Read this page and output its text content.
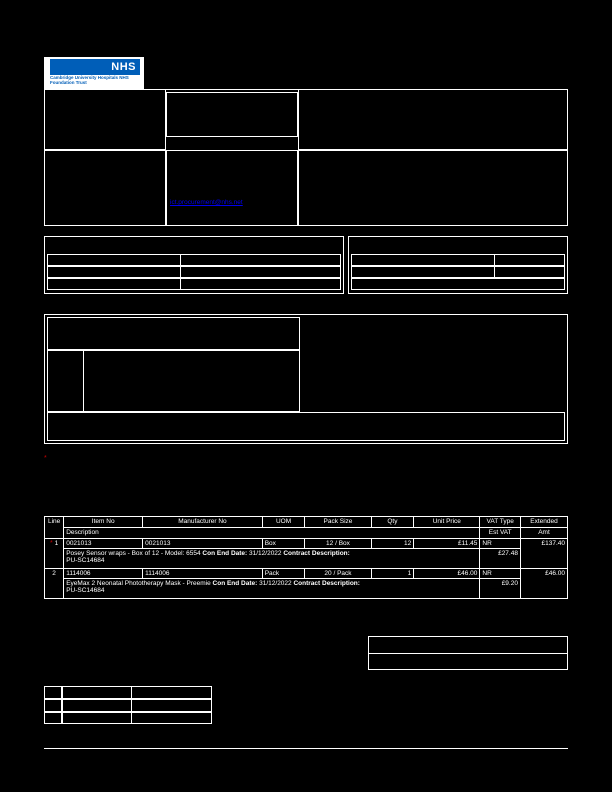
NHS
Cambridge University Hospitals NHS Foundation Trust
ict.procurement@nhs.net
Delivery Information	Payment Information
*
Line	Item No	Manufacturer No	UOM	Pack Size	Qty	Unit Price	VAT Type	Extended
	Description						Est VAT	Amt
* 1	0021013	0021013	Box	12 / Box	12	£11.45	NR	£137.40
	Posey Sensor wraps - Box of 12 - Model: 6554 Con End Date: 31/12/2022 Contract Description:
PU-SC14684						£27.48	
2	1114006	1114006	Pack	20 / Pack	1	£46.00	NR	£46.00
	EyeMax 2 Neonatal Phototherapy Mask - Preemie Con End Date: 31/12/2022 Contract Description:
PU-SC14684						£9.20	
